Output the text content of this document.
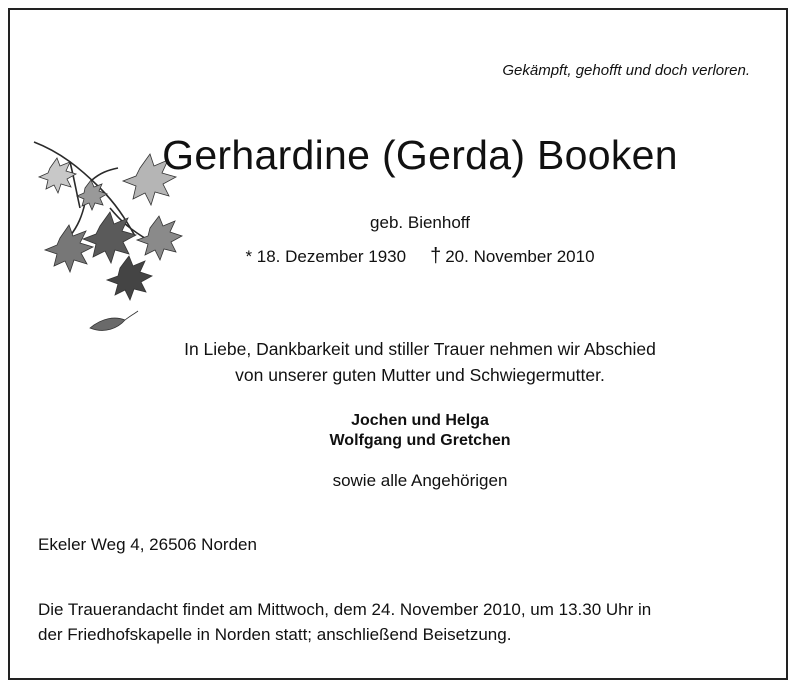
Gekämpft, gehofft und doch verloren.
Gerhardine (Gerda) Booken
geb. Bienhoff
* 18. Dezember 1930 † 20. November 2010
In Liebe, Dankbarkeit und stiller Trauer nehmen wir Abschied
von unserer guten Mutter und Schwiegermutter.
Jochen und Helga
Wolfgang und Gretchen
sowie alle Angehörigen
Ekeler Weg 4, 26506 Norden
Die Trauerandacht findet am Mittwoch, dem 24. November 2010, um 13.30 Uhr in
der Friedhofskapelle in Norden statt; anschließend Beisetzung.
